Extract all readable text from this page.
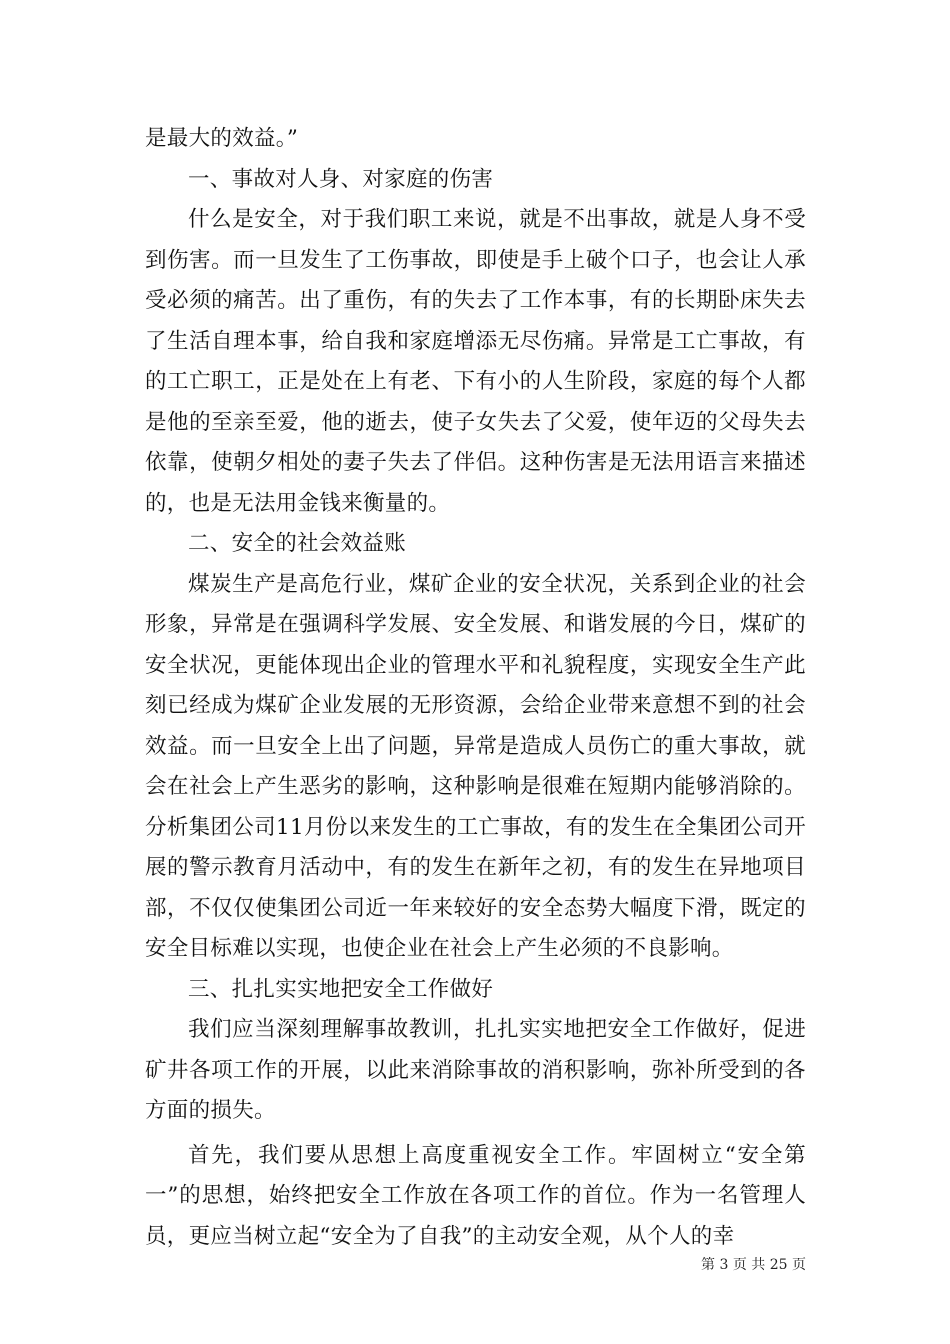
是最大的效益。”

一、事故对人身、对家庭的伤害

什么是安全，对于我们职工来说，就是不出事故，就是人身不受到伤害。而一旦发生了工伤事故，即使是手上破个口子，也会让人承受必须的痛苦。出了重伤，有的失去了工作本事，有的长期卧床失去了生活自理本事，给自我和家庭增添无尽伤痛。异常是工亡事故，有的工亡职工，正是处在上有老、下有小的人生阶段，家庭的每个人都是他的至亲至爱，他的逝去，使子女失去了父爱，使年迈的父母失去依靠，使朝夕相处的妻子失去了伴侣。这种伤害是无法用语言来描述的，也是无法用金钱来衡量的。

二、安全的社会效益账

煤炭生产是高危行业，煤矿企业的安全状况，关系到企业的社会形象，异常是在强调科学发展、安全发展、和谐发展的今日，煤矿的安全状况，更能体现出企业的管理水平和礼貌程度，实现安全生产此刻已经成为煤矿企业发展的无形资源，会给企业带来意想不到的社会效益。而一旦安全上出了问题，异常是造成人员伤亡的重大事故，就会在社会上产生恶劣的影响，这种影响是很难在短期内能够消除的。分析集团公司11月份以来发生的工亡事故，有的发生在全集团公司开展的警示教育月活动中，有的发生在新年之初，有的发生在异地项目部，不仅仅使集团公司近一年来较好的安全态势大幅度下滑，既定的安全目标难以实现，也使企业在社会上产生必须的不良影响。

三、扎扎实实地把安全工作做好

我们应当深刻理解事故教训，扎扎实实地把安全工作做好，促进矿井各项工作的开展，以此来消除事故的消积影响，弥补所受到的各方面的损失。

首先，我们要从思想上高度重视安全工作。牢固树立“安全第一”的思想，始终把安全工作放在各项工作的首位。作为一名管理人员，更应当树立起“安全为了自我”的主动安全观，从个人的幸

第 3 页 共 25 页
